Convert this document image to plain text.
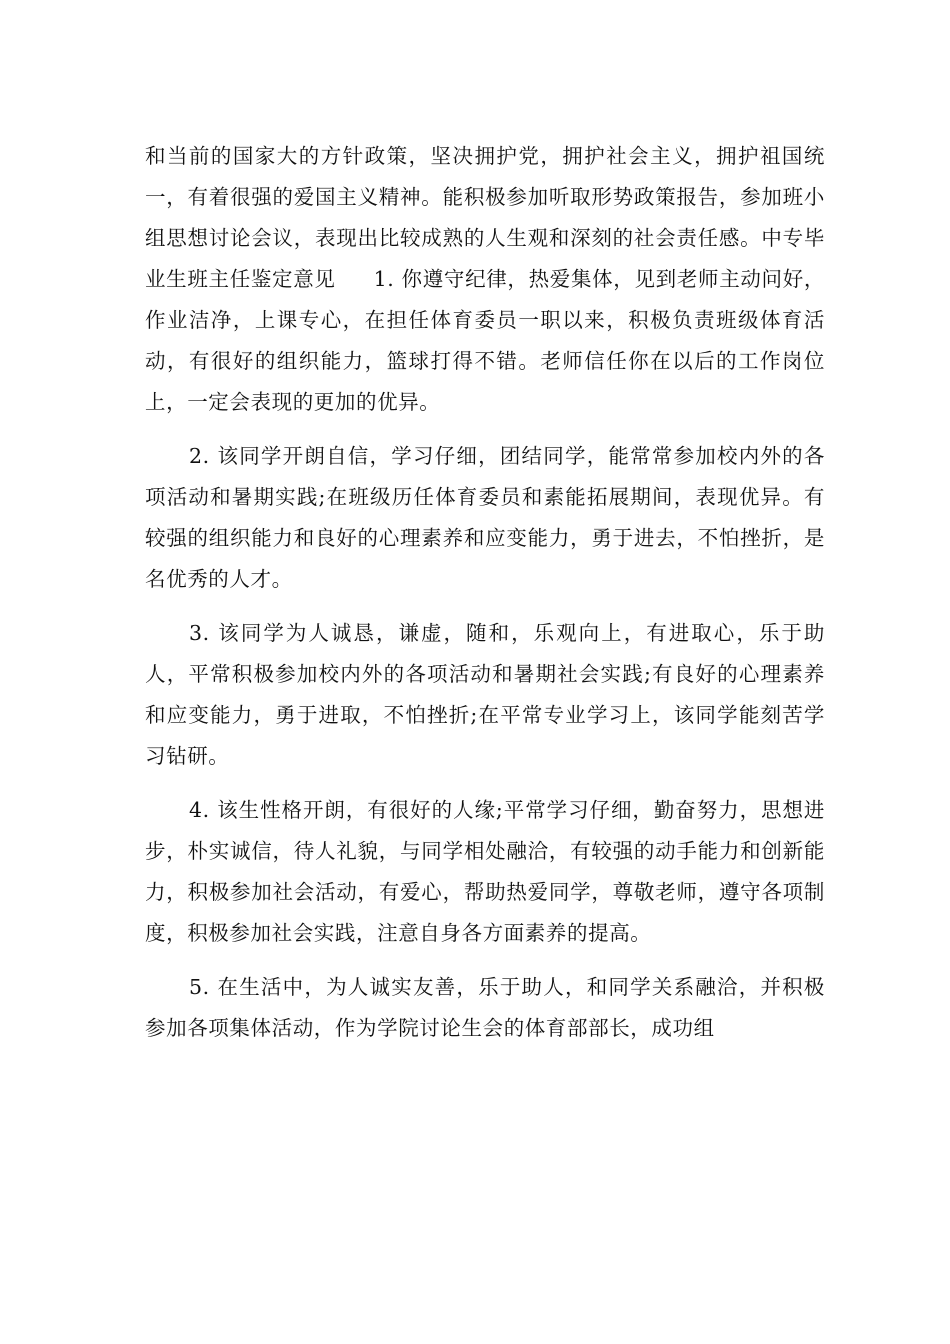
和当前的国家大的方针政策，坚决拥护党，拥护社会主义，拥护祖国统一，有着很强的爱国主义精神。能积极参加听取形势政策报告，参加班小组思想讨论会议，表现出比较成熟的人生观和深刻的社会责任感。中专毕业生班主任鉴定意见 1. 你遵守纪律，热爱集体，见到老师主动问好，作业洁净，上课专心，在担任体育委员一职以来，积极负责班级体育活动，有很好的组织能力，篮球打得不错。老师信任你在以后的工作岗位上，一定会表现的更加的优异。

2. 该同学开朗自信，学习仔细，团结同学，能常常参加校内外的各项活动和暑期实践;在班级历任体育委员和素能拓展期间，表现优异。有较强的组织能力和良好的心理素养和应变能力，勇于进去，不怕挫折，是名优秀的人才。

3. 该同学为人诚恳，谦虚，随和，乐观向上，有进取心，乐于助人，平常积极参加校内外的各项活动和暑期社会实践;有良好的心理素养和应变能力，勇于进取，不怕挫折;在平常专业学习上，该同学能刻苦学习钻研。

4. 该生性格开朗，有很好的人缘;平常学习仔细，勤奋努力，思想进步，朴实诚信，待人礼貌，与同学相处融洽，有较强的动手能力和创新能力，积极参加社会活动，有爱心，帮助热爱同学，尊敬老师，遵守各项制度，积极参加社会实践，注意自身各方面素养的提高。

5. 在生活中，为人诚实友善，乐于助人，和同学关系融洽，并积极参加各项集体活动，作为学院讨论生会的体育部部长，成功组
